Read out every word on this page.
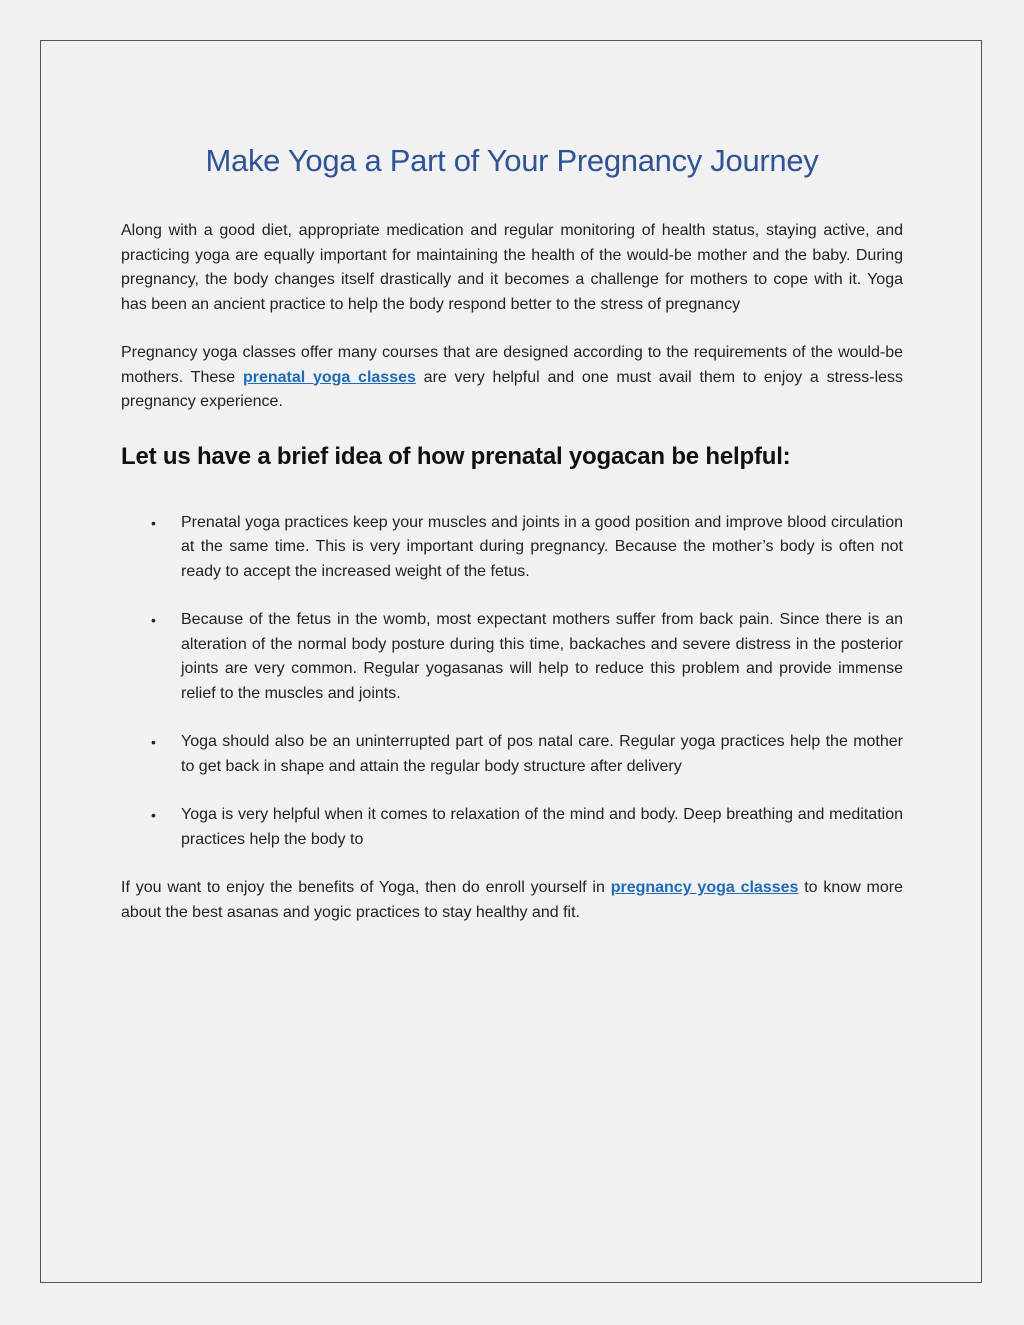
Make Yoga a Part of Your Pregnancy Journey

Along with a good diet, appropriate medication and regular monitoring of health status, staying active, and practicing yoga are equally important for maintaining the health of the would-be mother and the baby. During pregnancy, the body changes itself drastically and it becomes a challenge for mothers to cope with it. Yoga has been an ancient practice to help the body respond better to the stress of pregnancy

Pregnancy yoga classes offer many courses that are designed according to the requirements of the would-be mothers. These prenatal yoga classes are very helpful and one must avail them to enjoy a stress-less pregnancy experience.

Let us have a brief idea of how prenatal yogacan be helpful:
• Prenatal yoga practices keep your muscles and joints in a good position and improve blood circulation at the same time. This is very important during pregnancy. Because the mother’s body is often not ready to accept the increased weight of the fetus.
• Because of the fetus in the womb, most expectant mothers suffer from back pain. Since there is an alteration of the normal body posture during this time, backaches and severe distress in the posterior joints are very common. Regular yogasanas will help to reduce this problem and provide immense relief to the muscles and joints.
• Yoga should also be an uninterrupted part of pos natal care. Regular yoga practices help the mother to get back in shape and attain the regular body structure after delivery
• Yoga is very helpful when it comes to relaxation of the mind and body. Deep breathing and meditation practices help the body to

If you want to enjoy the benefits of Yoga, then do enroll yourself in pregnancy yoga classes to know more about the best asanas and yogic practices to stay healthy and fit.
